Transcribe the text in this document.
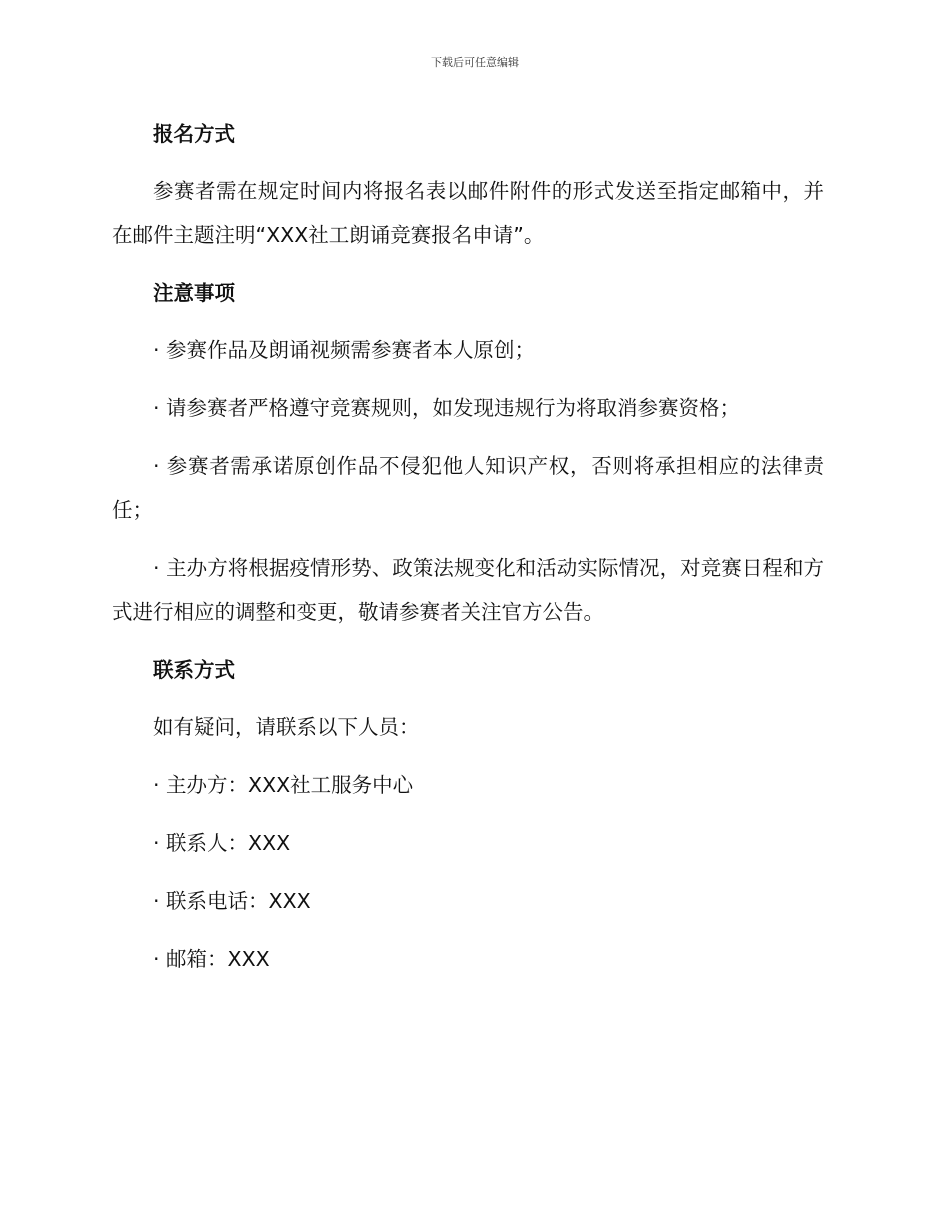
下载后可任意编辑
报名方式
参赛者需在规定时间内将报名表以邮件附件的形式发送至指定邮箱中，并在邮件主题注明“XXX社工朗诵竞赛报名申请”。
注意事项
· 参赛作品及朗诵视频需参赛者本人原创；
· 请参赛者严格遵守竞赛规则，如发现违规行为将取消参赛资格；
· 参赛者需承诺原创作品不侵犯他人知识产权，否则将承担相应的法律责任；
· 主办方将根据疫情形势、政策法规变化和活动实际情况，对竞赛日程和方式进行相应的调整和变更，敬请参赛者关注官方公告。
联系方式
如有疑问，请联系以下人员：
· 主办方：XXX社工服务中心
· 联系人：XXX
· 联系电话：XXX
· 邮箱：XXX
